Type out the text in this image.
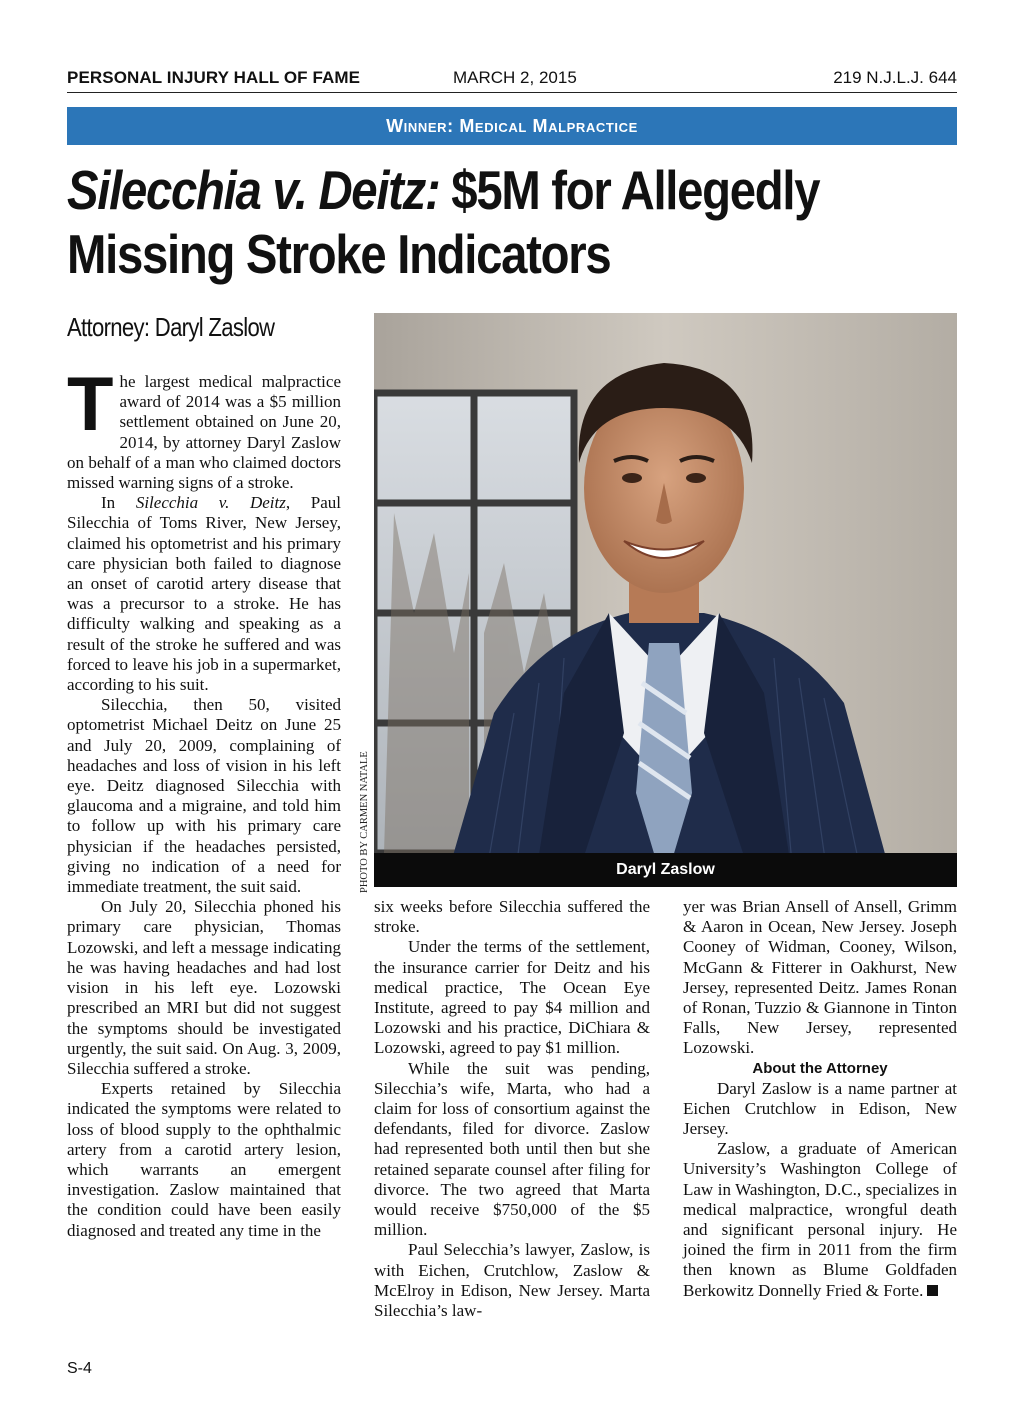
PERSONAL INJURY HALL OF FAME	MARCH 2, 2015	219 N.J.L.J. 644
Winner: Medical Malpractice
Silecchia v. Deitz: $5M for Allegedly
Missing Stroke Indicators
Attorney: Daryl Zaslow

The largest medical malpractice award of 2014 was a $5 million settlement obtained on June 20, 2014, by attorney Daryl Zaslow on behalf of a man who claimed doctors missed warning signs of a stroke.

In Silecchia v. Deitz, Paul Silecchia of Toms River, New Jersey, claimed his optometrist and his primary care physician both failed to diagnose an onset of carotid artery disease that was a precursor to a stroke. He has difficulty walking and speaking as a result of the stroke he suffered and was forced to leave his job in a supermarket, according to his suit.

Silecchia, then 50, visited optometrist Michael Deitz on June 25 and July 20, 2009, complaining of headaches and loss of vision in his left eye. Deitz diagnosed Silecchia with glaucoma and a migraine, and told him to follow up with his primary care physician if the headaches persisted, giving no indication of a need for immediate treatment, the suit said.

On July 20, Silecchia phoned his primary care physician, Thomas Lozowski, and left a message indicating he was having headaches and had lost vision in his left eye. Lozowski prescribed an MRI but did not suggest the symptoms should be investigated urgently, the suit said. On Aug. 3, 2009, Silecchia suffered a stroke.

Experts retained by Silecchia indicated the symptoms were related to loss of blood supply to the ophthalmic artery from a carotid artery lesion, which warrants an emergent investigation. Zaslow maintained that the condition could have been easily diagnosed and treated any time in the

PHOTO BY CARMEN NATALE	Daryl Zaslow

six weeks before Silecchia suffered the stroke.

Under the terms of the settlement, the insurance carrier for Deitz and his medical practice, The Ocean Eye Institute, agreed to pay $4 million and Lozowski and his practice, DiChiara & Lozowski, agreed to pay $1 million.

While the suit was pending, Silecchia’s wife, Marta, who had a claim for loss of consortium against the defendants, filed for divorce. Zaslow had represented both until then but she retained separate counsel after filing for divorce. The two agreed that Marta would receive $750,000 of the $5 million.

Paul Selecchia’s lawyer, Zaslow, is with Eichen, Crutchlow, Zaslow & McElroy in Edison, New Jersey. Marta Silecchia’s law-

yer was Brian Ansell of Ansell, Grimm & Aaron in Ocean, New Jersey. Joseph Cooney of Widman, Cooney, Wilson, McGann & Fitterer in Oakhurst, New Jersey, represented Deitz. James Ronan of Ronan, Tuzzio & Giannone in Tinton Falls, New Jersey, represented Lozowski.

About the Attorney

Daryl Zaslow is a name partner at Eichen Crutchlow in Edison, New Jersey.

Zaslow, a graduate of American University’s Washington College of Law in Washington, D.C., specializes in medical malpractice, wrongful death and significant personal injury. He joined the firm in 2011 from the firm then known as Blume Goldfaden Berkowitz Donnelly Fried & Forte.

S-4
